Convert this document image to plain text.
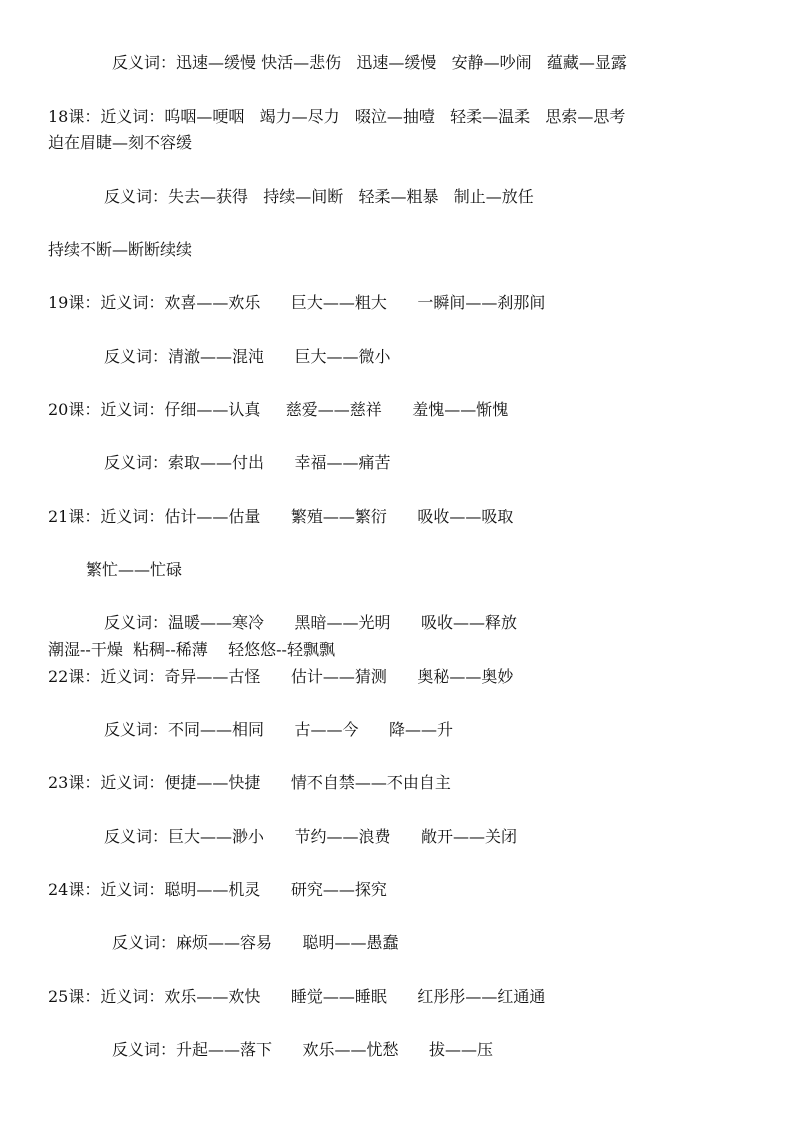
反义词：迅速—缓慢 快活—悲伤   迅速—缓慢   安静—吵闹   蕴藏—显露
18课：近义词：呜咽—哽咽   竭力—尽力   啜泣—抽噎   轻柔—温柔   思索—思考
迫在眉睫—刻不容缓
反义词：失去—获得   持续—间断   轻柔—粗暴   制止—放任
持续不断—断断续续
19课：近义词：欢喜——欢乐      巨大——粗大      一瞬间——刹那间
反义词：清澈——混沌      巨大——微小
20课：近义词：仔细——认真     慈爱——慈祥      羞愧——惭愧
反义词：索取——付出      幸福——痛苦
21课：近义词：估计——估量      繁殖——繁衍      吸收——吸取
繁忙——忙碌
反义词：温暖——寒冷      黑暗——光明      吸收——释放
潮湿--干燥  粘稠--稀薄    轻悠悠--轻飘飘
22课：近义词：奇异——古怪      估计——猜测      奥秘——奥妙
反义词：不同——相同      古——今      降——升
23课：近义词：便捷——快捷      情不自禁——不由自主
反义词：巨大——渺小      节约——浪费      敞开——关闭
24课：近义词：聪明——机灵      研究——探究
反义词：麻烦——容易      聪明——愚蠢
25课：近义词：欢乐——欢快      睡觉——睡眠      红彤彤——红通通
反义词：升起——落下      欢乐——忧愁      拔——压
